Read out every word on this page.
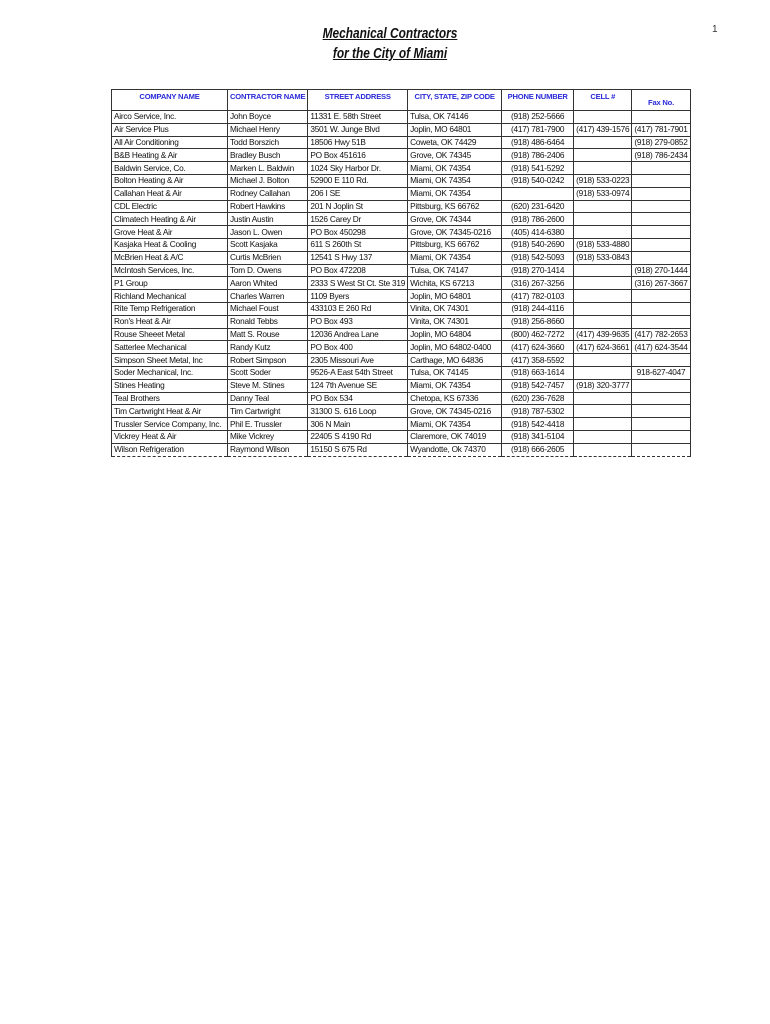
1
Mechanical Contractors
for the City of Miami
COMPANY NAME	CONTRACTOR NAME	STREET ADDRESS	CITY, STATE, ZIP CODE	PHONE NUMBER	CELL #	Fax No.
Airco Service, Inc.	John Boyce	11331 E. 58th Street	Tulsa, OK 74146	(918) 252-5666		
Air Service Plus	Michael Henry	3501 W. Junge Blvd	Joplin, MO 64801	(417) 781-7900	(417) 439-1576	(417) 781-7901
All Air Conditioning	Todd Borszich	18506 Hwy 51B	Coweta, OK 74429	(918) 486-6464		(918) 279-0852
B&B Heating & Air	Bradley Busch	PO Box 451616	Grove, OK 74345	(918) 786-2406		(918) 786-2434
Baldwin Service, Co.	Marken L. Baldwin	1024 Sky Harbor Dr.	Miami, OK 74354	(918) 541-5292		
Bolton Heating & Air	Michael J. Bolton	52900 E 110 Rd.	Miami, OK 74354	(918) 540-0242	(918) 533-0223	
Callahan Heat & Air	Rodney Callahan	206 I SE	Miami, OK 74354		(918) 533-0974	
CDL Electric	Robert Hawkins	201 N Joplin St	Pittsburg, KS 66762	(620) 231-6420		
Climatech Heating & Air	Justin Austin	1526 Carey Dr	Grove, OK 74344	(918) 786-2600		
Grove Heat & Air	Jason L. Owen	PO Box 450298	Grove, OK 74345-0216	(405) 414-6380		
Kasjaka Heat & Cooling	Scott Kasjaka	611 S 260th St	Pittsburg, KS 66762	(918) 540-2690	(918) 533-4880	
McBrien Heat & A/C	Curtis McBrien	12541 S Hwy 137	Miami, OK 74354	(918) 542-5093	(918) 533-0843	
McIntosh Services, Inc.	Tom D. Owens	PO Box 472208	Tulsa, OK 74147	(918) 270-1414		(918) 270-1444
P1 Group	Aaron Whited	2333 S West St Ct. Ste 319	Wichita, KS 67213	(316) 267-3256		(316) 267-3667
Richland Mechanical	Charles Warren	1109 Byers	Joplin, MO 64801	(417) 782-0103		
Rite Temp Refrigeration	Michael Foust	433103 E 260 Rd	Vinita, OK 74301	(918) 244-4116		
Ron's Heat & Air	Ronald Tebbs	PO Box 493	Vinita, OK 74301	(918) 256-8660		
Rouse Sheeet Metal	Matt S. Rouse	12036 Andrea Lane	Joplin, MO 64804	(800) 462-7272	(417) 439-9635	(417) 782-2653
Satterlee Mechanical	Randy Kutz	PO Box 400	Joplin, MO 64802-0400	(417) 624-3660	(417) 624-3661	(417) 624-3544
Simpson Sheet Metal, Inc	Robert Simpson	2305 Missouri Ave	Carthage, MO 64836	(417) 358-5592		
Soder Mechanical, Inc.	Scott Soder	9526-A East 54th Street	Tulsa, OK 74145	(918) 663-1614		918-627-4047
Stines Heating	Steve M. Stines	124 7th Avenue SE	Miami, OK 74354	(918) 542-7457	(918) 320-3777	
Teal Brothers	Danny Teal	PO Box 534	Chetopa, KS 67336	(620) 236-7628		
Tim Cartwright Heat & Air	Tim Cartwright	31300 S. 616 Loop	Grove, OK 74345-0216	(918) 787-5302		
Trussler Service Company, Inc.	Phil E. Trussler	306 N Main	Miami, OK 74354	(918) 542-4418		
Vickrey Heat & Air	Mike Vickrey	22405 S 4190 Rd	Claremore, OK 74019	(918) 341-5104		
Wilson Refrigeration	Raymond Wilson	15150 S 675 Rd	Wyandotte, Ok 74370	(918) 666-2605		
